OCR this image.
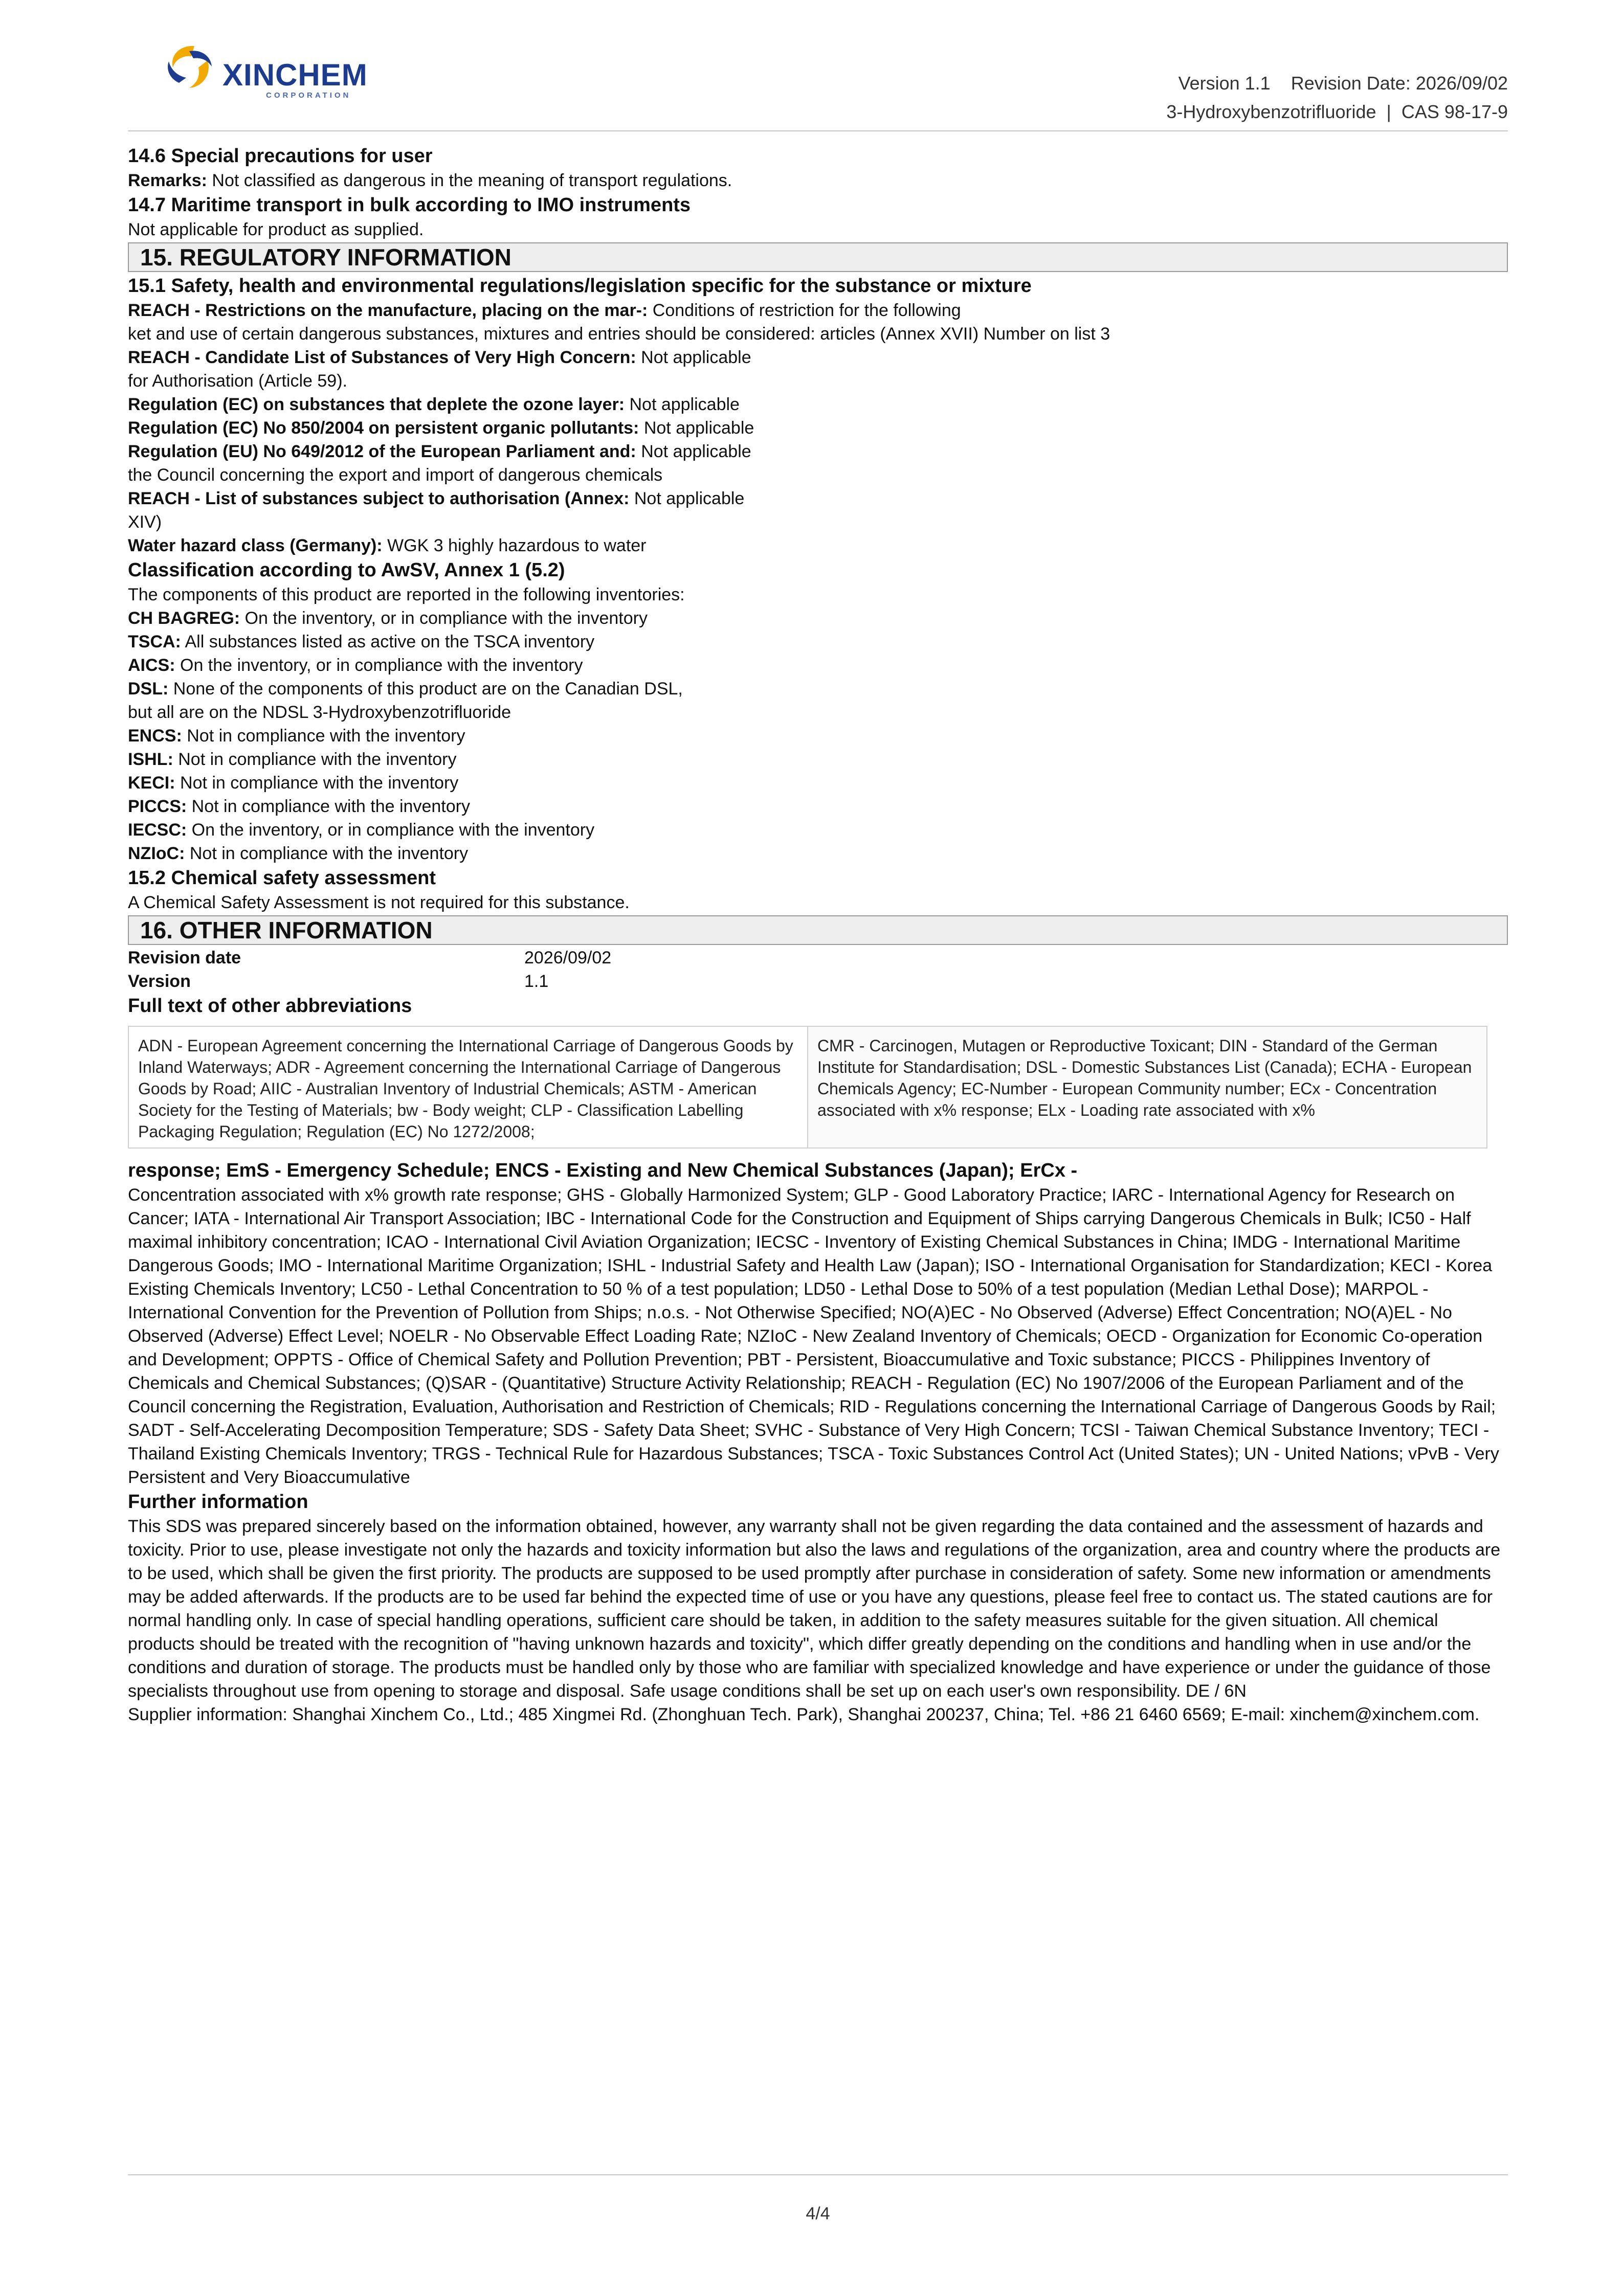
XINCHEM
CORPORATION
Version 1.1    Revision Date: 2026/09/02
3-Hydroxybenzotrifluoride  |  CAS 98-17-9
14.6 Special precautions for user

Remarks: Not classified as dangerous in the meaning of transport regulations.

14.7 Maritime transport in bulk according to IMO instruments

Not applicable for product as supplied.

15. REGULATORY INFORMATION
15.1 Safety, health and environmental regulations/legislation specific for the substance or mixture

REACH - Restrictions on the manufacture, placing on the mar-: Conditions of restriction for the following

ket and use of certain dangerous substances, mixtures and entries should be considered: articles (Annex XVII) Number on list 3

REACH - Candidate List of Substances of Very High Concern: Not applicable

for Authorisation (Article 59).

Regulation (EC) on substances that deplete the ozone layer: Not applicable

Regulation (EC) No 850/2004 on persistent organic pollutants: Not applicable

Regulation (EU) No 649/2012 of the European Parliament and: Not applicable

the Council concerning the export and import of dangerous chemicals

REACH - List of substances subject to authorisation (Annex: Not applicable

XIV)

Water hazard class (Germany): WGK 3 highly hazardous to water

Classification according to AwSV, Annex 1 (5.2)

The components of this product are reported in the following inventories:

CH BAGREG: On the inventory, or in compliance with the inventory

TSCA: All substances listed as active on the TSCA inventory

AICS: On the inventory, or in compliance with the inventory

DSL: None of the components of this product are on the Canadian DSL,

but all are on the NDSL 3-Hydroxybenzotrifluoride

ENCS: Not in compliance with the inventory

ISHL: Not in compliance with the inventory

KECI: Not in compliance with the inventory

PICCS: Not in compliance with the inventory

IECSC: On the inventory, or in compliance with the inventory

NZIoC: Not in compliance with the inventory

15.2 Chemical safety assessment

A Chemical Safety Assessment is not required for this substance.

16. OTHER INFORMATION
Revision date	2026/09/02
Version	1.1
Full text of other abbreviations
ADN - European Agreement concerning the International Carriage of Dangerous Goods by Inland Waterways; ADR - Agreement concerning the International Carriage of Dangerous Goods by Road; AIIC - Australian Inventory of Industrial Chemicals; ASTM - American Society for the Testing of Materials; bw - Body weight; CLP - Classification Labelling Packaging Regulation; Regulation (EC) No 1272/2008;
CMR - Carcinogen, Mutagen or Reproductive Toxicant; DIN - Standard of the German Institute for Standardisation; DSL - Domestic Substances List (Canada); ECHA - European Chemicals Agency; EC-Number - European Community number; ECx - Concentration associated with x% response; ELx - Loading rate associated with x%
response; EmS - Emergency Schedule; ENCS - Existing and New Chemical Substances (Japan); ErCx -

Concentration associated with x% growth rate response; GHS - Globally Harmonized System; GLP - Good Laboratory Practice; IARC - International Agency for Research on Cancer; IATA - International Air Transport Association; IBC - International Code for the Construction and Equipment of Ships carrying Dangerous Chemicals in Bulk; IC50 - Half maximal inhibitory concentration; ICAO - International Civil Aviation Organization; IECSC - Inventory of Existing Chemical Substances in China; IMDG - International Maritime Dangerous Goods; IMO - International Maritime Organization; ISHL - Industrial Safety and Health Law (Japan); ISO - International Organisation for Standardization; KECI - Korea Existing Chemicals Inventory; LC50 - Lethal Concentration to 50 % of a test population; LD50 - Lethal Dose to 50% of a test population (Median Lethal Dose); MARPOL - International Convention for the Prevention of Pollution from Ships; n.o.s. - Not Otherwise Specified; NO(A)EC - No Observed (Adverse) Effect Concentration; NO(A)EL - No Observed (Adverse) Effect Level; NOELR - No Observable Effect Loading Rate; NZIoC - New Zealand Inventory of Chemicals; OECD - Organization for Economic Co-operation and Development; OPPTS - Office of Chemical Safety and Pollution Prevention; PBT - Persistent, Bioaccumulative and Toxic substance; PICCS - Philippines Inventory of Chemicals and Chemical Substances; (Q)SAR - (Quantitative) Structure Activity Relationship; REACH - Regulation (EC) No 1907/2006 of the European Parliament and of the Council concerning the Registration, Evaluation, Authorisation and Restriction of Chemicals; RID - Regulations concerning the International Carriage of Dangerous Goods by Rail; SADT - Self-Accelerating Decomposition Temperature; SDS - Safety Data Sheet; SVHC - Substance of Very High Concern; TCSI - Taiwan Chemical Substance Inventory; TECI - Thailand Existing Chemicals Inventory; TRGS - Technical Rule for Hazardous Substances; TSCA - Toxic Substances Control Act (United States); UN - United Nations; vPvB - Very Persistent and Very Bioaccumulative

Further information

This SDS was prepared sincerely based on the information obtained, however, any warranty shall not be given regarding the data contained and the assessment of hazards and toxicity. Prior to use, please investigate not only the hazards and toxicity information but also the laws and regulations of the organization, area and country where the products are to be used, which shall be given the first priority. The products are supposed to be used promptly after purchase in consideration of safety. Some new information or amendments may be added afterwards. If the products are to be used far behind the expected time of use or you have any questions, please feel free to contact us. The stated cautions are for normal handling only. In case of special handling operations, sufficient care should be taken, in addition to the safety measures suitable for the given situation. All chemical products should be treated with the recognition of "having unknown hazards and toxicity", which differ greatly depending on the conditions and handling when in use and/or the conditions and duration of storage. The products must be handled only by those who are familiar with specialized knowledge and have experience or under the guidance of those specialists throughout use from opening to storage and disposal. Safe usage conditions shall be set up on each user's own responsibility. DE / 6N

Supplier information: Shanghai Xinchem Co., Ltd.; 485 Xingmei Rd. (Zhonghuan Tech. Park), Shanghai 200237, China; Tel. +86 21 6460 6569; E-mail: xinchem@xinchem.com.

4/4
